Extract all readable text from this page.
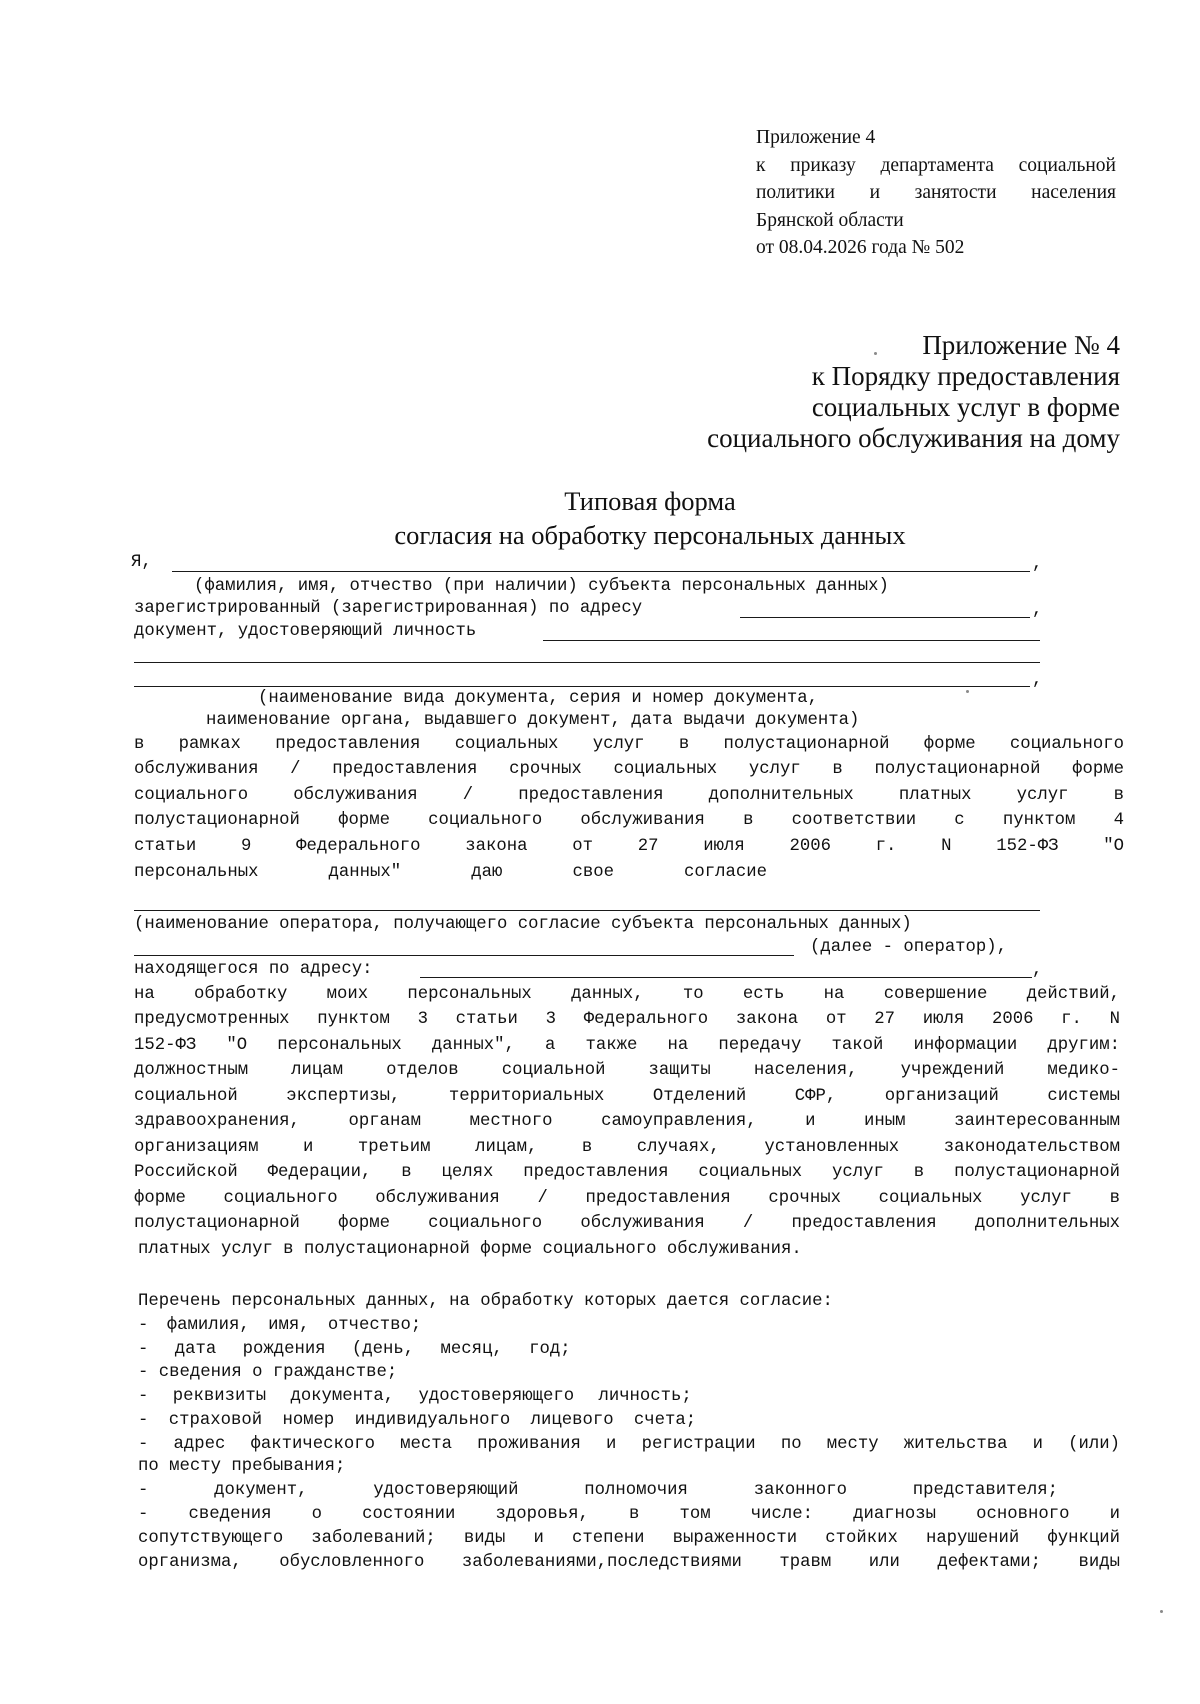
Приложение 4
к приказу департамента социальной
политики и занятости населения
Брянской области
от 08.04.2026 года № 502
Приложение № 4
к Порядку предоставления
социальных услуг в форме
социального обслуживания на дому
Типовая форма
согласия на обработку персональных данных
Я,	,
(фамилия, имя, отчество (при наличии) субъекта персональных данных)
зарегистрированный (зарегистрированная) по адресу	,
документ, удостоверяющий личность
,
(наименование вида документа, серия и номер документа,
наименование органа, выдавшего документ, дата выдачи документа)
в рамках предоставления социальных услуг в полустационарной форме социального
обслуживания / предоставления срочных социальных услуг в полустационарной форме
социального обслуживания / предоставления дополнительных платных услуг в
полустационарной форме социального обслуживания в соответствии с пунктом 4
статьи 9 Федерального закона от 27 июля 2006 г. N 152-ФЗ "О
персональных данных" даю свое согласие
(наименование оператора, получающего согласие субъекта персональных данных)
(далее - оператор),
находящегося по адресу:	,
на обработку моих персональных данных, то есть на совершение действий,
предусмотренных пунктом 3 статьи 3 Федерального закона от 27 июля 2006 г. N
152-ФЗ "О персональных данных", а также на передачу такой информации другим:
должностным лицам отделов социальной защиты населения, учреждений медико-
социальной экспертизы, территориальных Отделений СФР, организаций системы
здравоохранения, органам местного самоуправления, и иным заинтересованным
организациям и третьим лицам, в случаях, установленных законодательством
Российской Федерации, в целях предоставления социальных услуг в полустационарной
форме социального обслуживания / предоставления срочных социальных услуг в
полустационарной форме социального обслуживания / предоставления дополнительных
платных услуг в полустационарной форме социального обслуживания.
Перечень персональных данных, на обработку которых дается согласие:
- фамилия, имя, отчество;
- дата рождения (день, месяц, год;
- сведения о гражданстве;
- реквизиты документа, удостоверяющего личность;
- страховой номер индивидуального лицевого счета;
- адрес фактического места проживания и регистрации по месту жительства и (или)
по месту пребывания;
- документ, удостоверяющий полномочия законного представителя;
- сведения о состоянии здоровья, в том числе: диагнозы основного и
сопутствующего заболеваний; виды и степени выраженности стойких нарушений функций
организма, обусловленного заболеваниями,последствиями травм или дефектами; виды
